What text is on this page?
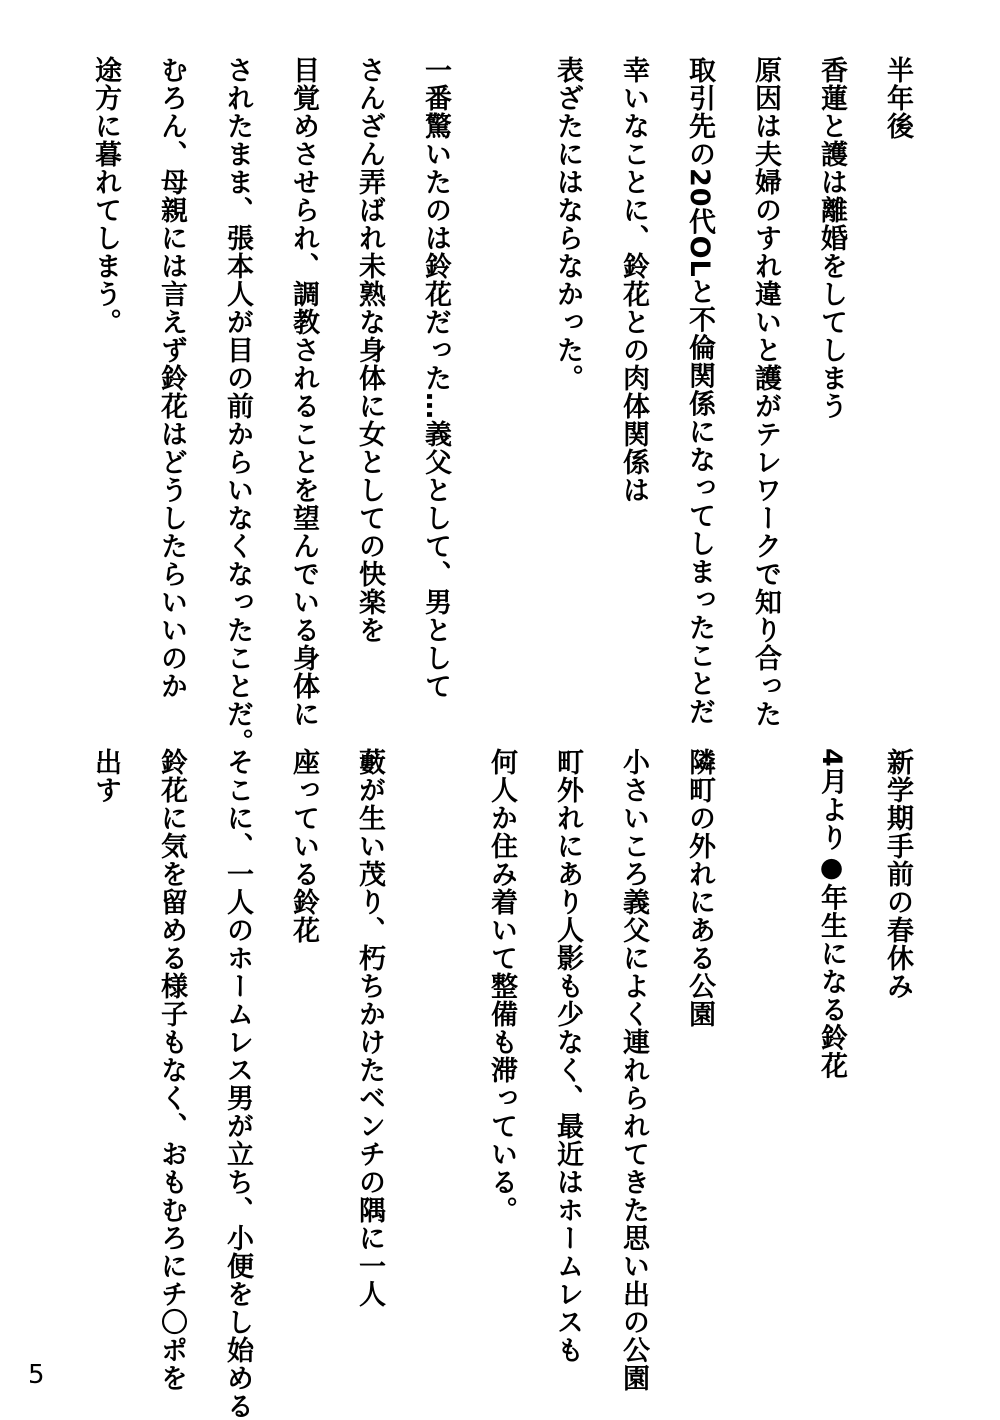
半年後
香蓮と護は離婚をしてしまう
原因は夫婦のすれ違いと護がテレワークで知り合った
取引先の20代OLと不倫関係になってしまったことだ
幸いなことに、鈴花との肉体関係は
表ざたにはならなかった。

一番驚いたのは鈴花だった…義父として、男として
さんざん弄ばれ未熟な身体に女としての快楽を
目覚めさせられ、調教されることを望んでいる身体に
されたまま、張本人が目の前からいなくなったことだ。
むろん、母親には言えず鈴花はどうしたらいいのか
途方に暮れてしまう。
新学期手前の春休み
4月より●年生になる鈴花

隣町の外れにある公園
小さいころ義父によく連れられてきた思い出の公園
町外れにあり人影も少なく、最近はホームレスも
何人か住み着いて整備も滞っている。

藪が生い茂り、朽ちかけたベンチの隅に一人
座っている鈴花
そこに、一人のホームレス男が立ち、小便をし始める
鈴花に気を留める様子もなく、おもむろにチ〇ポを
出す

5
